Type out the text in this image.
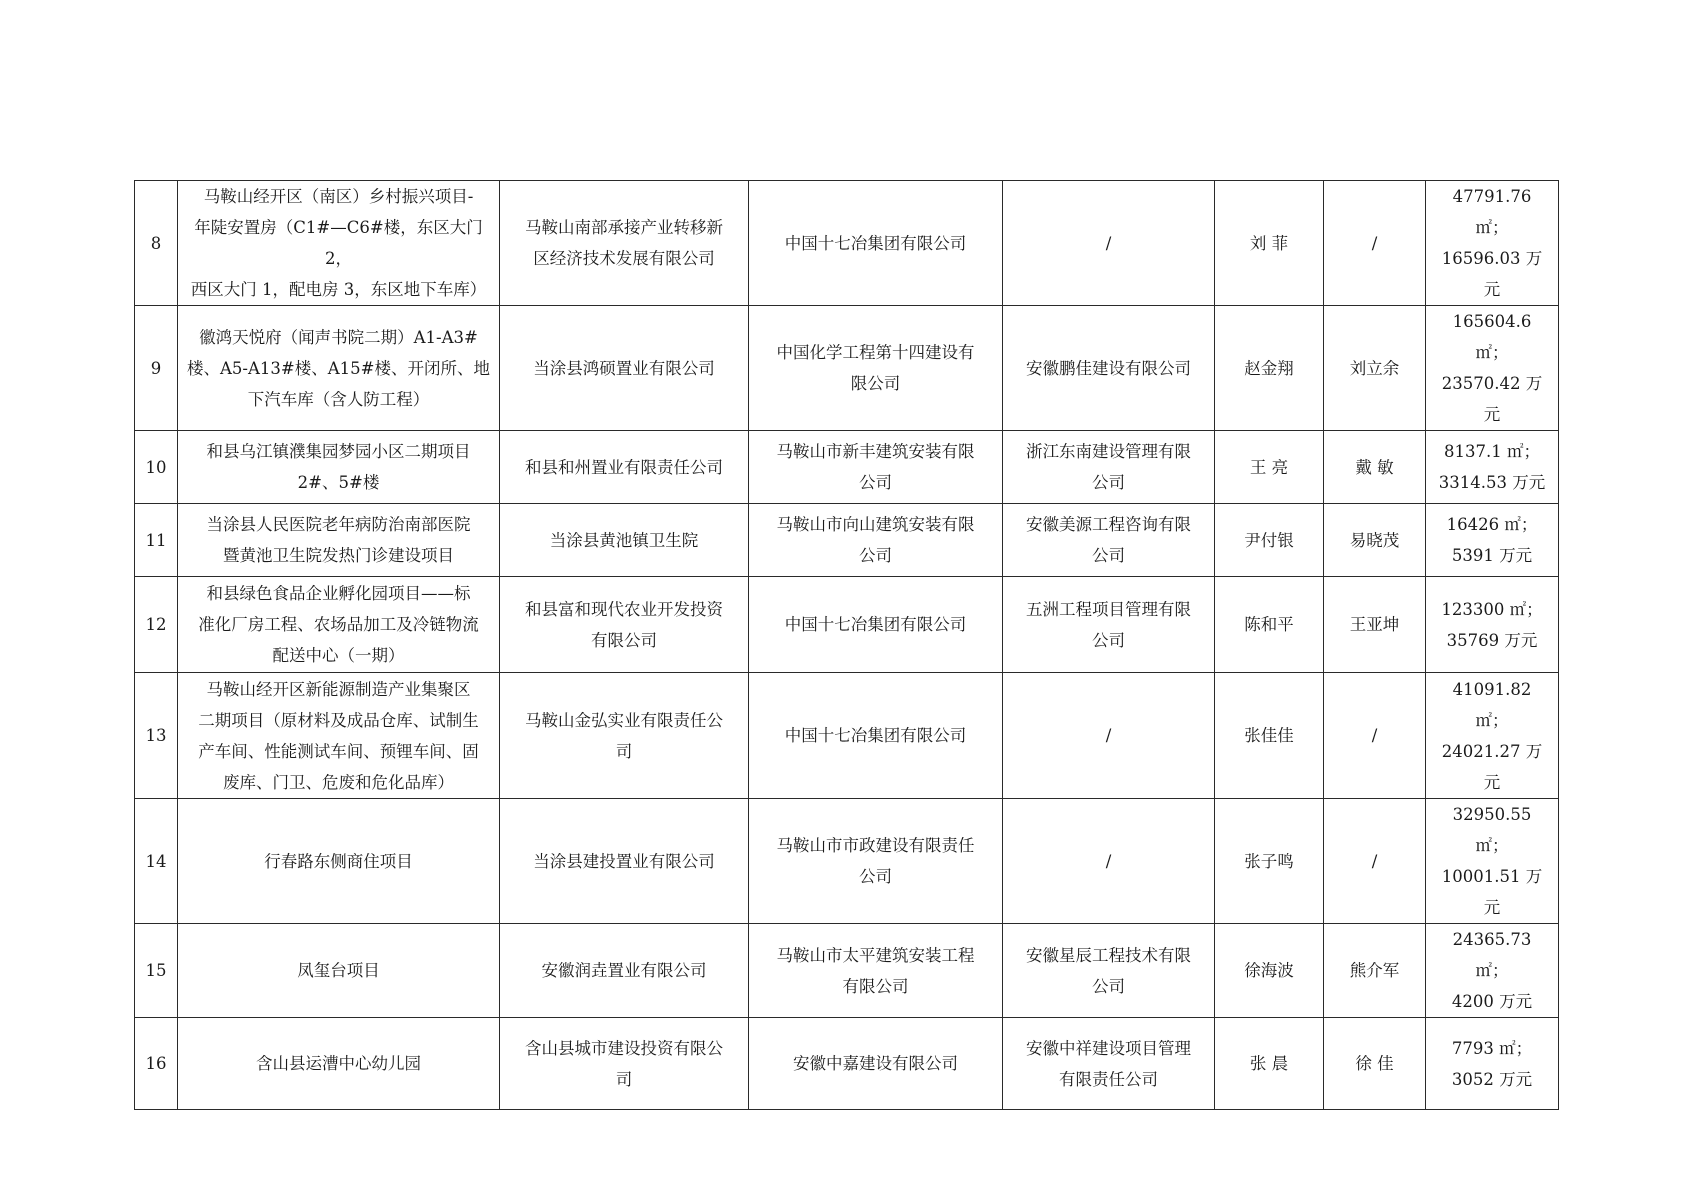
8	马鞍山经开区（南区）乡村振兴项目-
年陡安置房（C1#—C6#楼，东区大门 2，
西区大门 1，配电房 3，东区地下车库）	马鞍山南部承接产业转移新
区经济技术发展有限公司	中国十七冶集团有限公司	/	刘 菲	/	47791.76 ㎡；
16596.03 万元
9	徽鸿天悦府（闻声书院二期）A1-A3#
楼、A5-A13#楼、A15#楼、开闭所、地
下汽车库（含人防工程）	当涂县鸿硕置业有限公司	中国化学工程第十四建设有
限公司	安徽鹏佳建设有限公司	赵金翔	刘立余	165604.6 ㎡；
23570.42 万元
10	和县乌江镇濮集园梦园小区二期项目
2#、5#楼	和县和州置业有限责任公司	马鞍山市新丰建筑安装有限
公司	浙江东南建设管理有限
公司	王 亮	戴 敏	8137.1 ㎡；
3314.53 万元
11	当涂县人民医院老年病防治南部医院
暨黄池卫生院发热门诊建设项目	当涂县黄池镇卫生院	马鞍山市向山建筑安装有限
公司	安徽美源工程咨询有限
公司	尹付银	易晓茂	16426 ㎡；
5391 万元
12	和县绿色食品企业孵化园项目——标
准化厂房工程、农场品加工及冷链物流
配送中心（一期）	和县富和现代农业开发投资
有限公司	中国十七冶集团有限公司	五洲工程项目管理有限
公司	陈和平	王亚坤	123300 ㎡；
35769 万元
13	马鞍山经开区新能源制造产业集聚区
二期项目（原材料及成品仓库、试制生
产车间、性能测试车间、预锂车间、固
废库、门卫、危废和危化品库）	马鞍山金弘实业有限责任公
司	中国十七冶集团有限公司	/	张佳佳	/	41091.82 ㎡；
24021.27 万元
14	行春路东侧商住项目	当涂县建投置业有限公司	马鞍山市市政建设有限责任
公司	/	张子鸣	/	32950.55 ㎡；
10001.51 万元
15	凤玺台项目	安徽润垚置业有限公司	马鞍山市太平建筑安装工程
有限公司	安徽星辰工程技术有限
公司	徐海波	熊介军	24365.73 ㎡；
4200 万元
16	含山县运漕中心幼儿园	含山县城市建设投资有限公
司	安徽中嘉建设有限公司	安徽中祥建设项目管理
有限责任公司	张 晨	徐 佳	7793 ㎡；
3052 万元
